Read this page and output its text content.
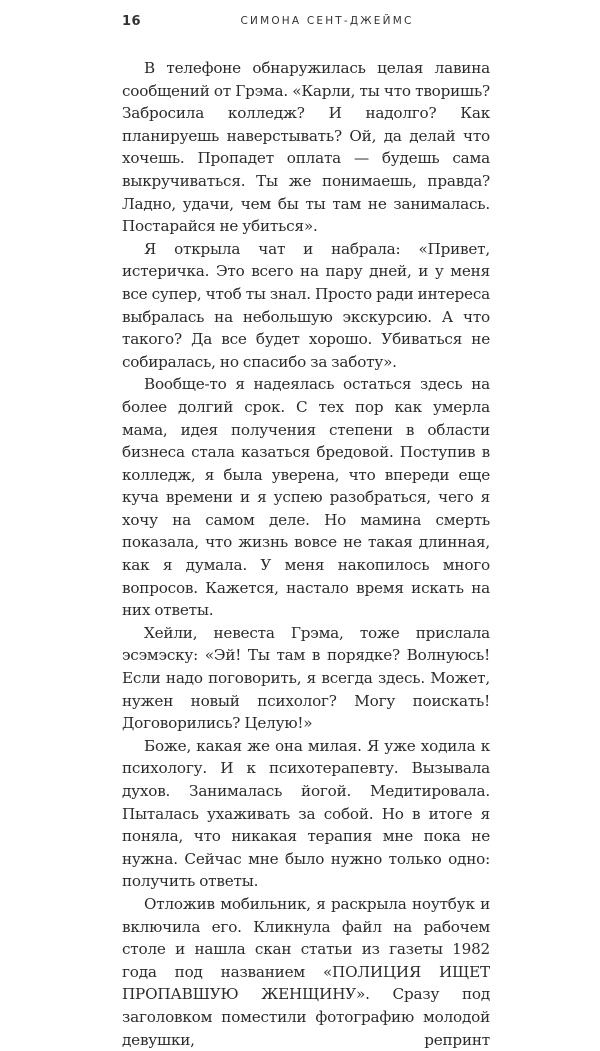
16	СИМОНА СЕНТ-ДЖЕЙМС

В телефоне обнаружилась целая лавина сообщений от Грэма. «Карли, ты что творишь? Забросила колледж? И надолго? Как планируешь наверстывать? Ой, да делай что хочешь. Пропадет оплата — будешь сама выкручиваться. Ты же понимаешь, правда? Ладно, удачи, чем бы ты там не занималась. Постарайся не убиться».

Я открыла чат и набрала: «Привет, истеричка. Это всего на пару дней, и у меня все супер, чтоб ты знал. Просто ради интереса выбралась на небольшую экскурсию. А что такого? Да все будет хорошо. Убиваться не собиралась, но спасибо за заботу».

Вообще-то я надеялась остаться здесь на более долгий срок. С тех пор как умерла мама, идея получения степени в области бизнеса стала казаться бредовой. Поступив в колледж, я была уверена, что впереди еще куча времени и я успею разобраться, чего я хочу на самом деле. Но мамина смерть показала, что жизнь вовсе не такая длинная, как я думала. У меня накопилось много вопросов. Кажется, настало время искать на них ответы.

Хейли, невеста Грэма, тоже прислала эсэмэску: «Эй! Ты там в порядке? Волнуюсь! Если надо поговорить, я всегда здесь. Может, нужен новый психолог? Могу поискать! Договорились? Целую!»

Боже, какая же она милая. Я уже ходила к психологу. И к психотерапевту. Вызывала духов. Занималась йогой. Медитировала. Пыталась ухаживать за собой. Но в итоге я поняла, что никакая терапия мне пока не нужна. Сейчас мне было нужно только одно: получить ответы.

Отложив мобильник, я раскрыла ноутбук и включила его. Кликнула файл на рабочем столе и нашла скан статьи из газеты 1982 года под названием «ПОЛИЦИЯ ИЩЕТ ПРОПАВШУЮ ЖЕНЩИНУ». Сразу под заголовком поместили фотографию молодой девушки, репринт
